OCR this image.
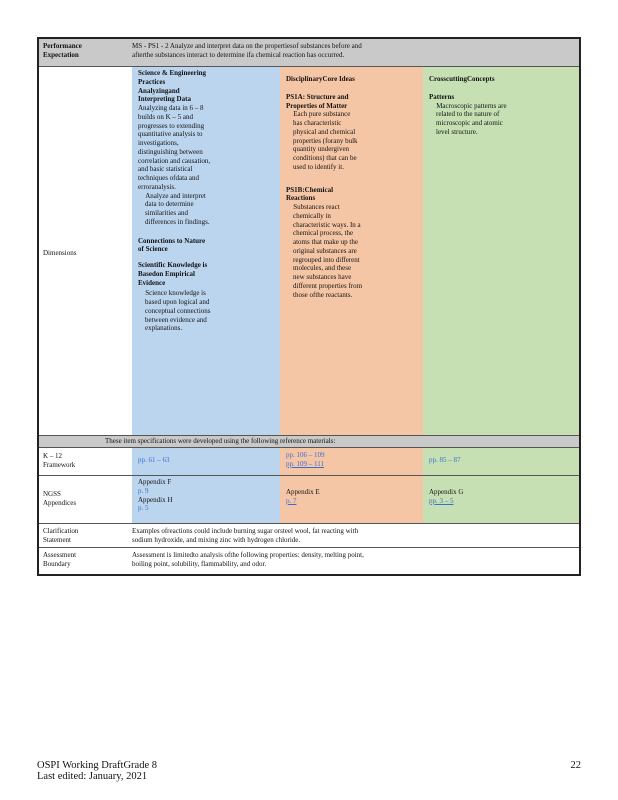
Performance
Expectation
MS - PS1 - 2 Analyze and interpret data on the propertiesof substances before and
afterthe substances interact to determine ifa chemical reaction has occurred.
Dimensions
Science & Engineering
Practices
Analyzingand
Interpreting Data
Analyzing data in 6 – 8
builds on K – 5 and
progresses to extending
quantitative analysis to
investigations,
distinguishing between
correlation and causation,
and basic statistical
techniques ofdata and
erroranalysis.
Analyze and interpret
data to determine
similarities and
differences in findings.
Connections to Nature
of Science
Scientific Knowledge is
Basedon Empirical
Evidence
Science knowledge is
based upon logical and
conceptual connections
between evidence and
explanations.
DisciplinaryCore Ideas
PS1A: Structure and
Properties of Matter
Each pure substance
has characteristic
physical and chemical
properties (forany bulk
quantity undergiven
conditions) that can be
used to identify it.
PS1B:Chemical
Reactions
Substances react
chemically in
characteristic ways. In a
chemical process, the
atoms that make up the
original substances are
regrouped into different
molecules, and these
new substances have
different properties from
those ofthe reactants.
CrosscuttingConcepts
Patterns
Macroscopic patterns are
related to the nature of
microscopic and atomic
level structure.
These item specifications were developed using the following reference materials:
K – 12
Framework
pp. 61 – 63
pp. 106 – 109
pp. 109 – 111	pp. 85 – 87
NGSS
Appendices
Appendix F
p. 9
Appendix H
p. 5
Appendix E
p. 7
Appendix G
pp. 3 – 5
Clarification
Statement
Examples ofreactions could include burning sugar orsteel wool, fat reacting with
sodium hydroxide, and mixing zinc with hydrogen chloride.
Assessment
Boundary
Assessment is limitedto analysis ofthe following properties: density, melting point,
boiling point, solubility, flammability, and odor.
OSPI Working DraftGrade 8
Last edited: January, 2021
22
